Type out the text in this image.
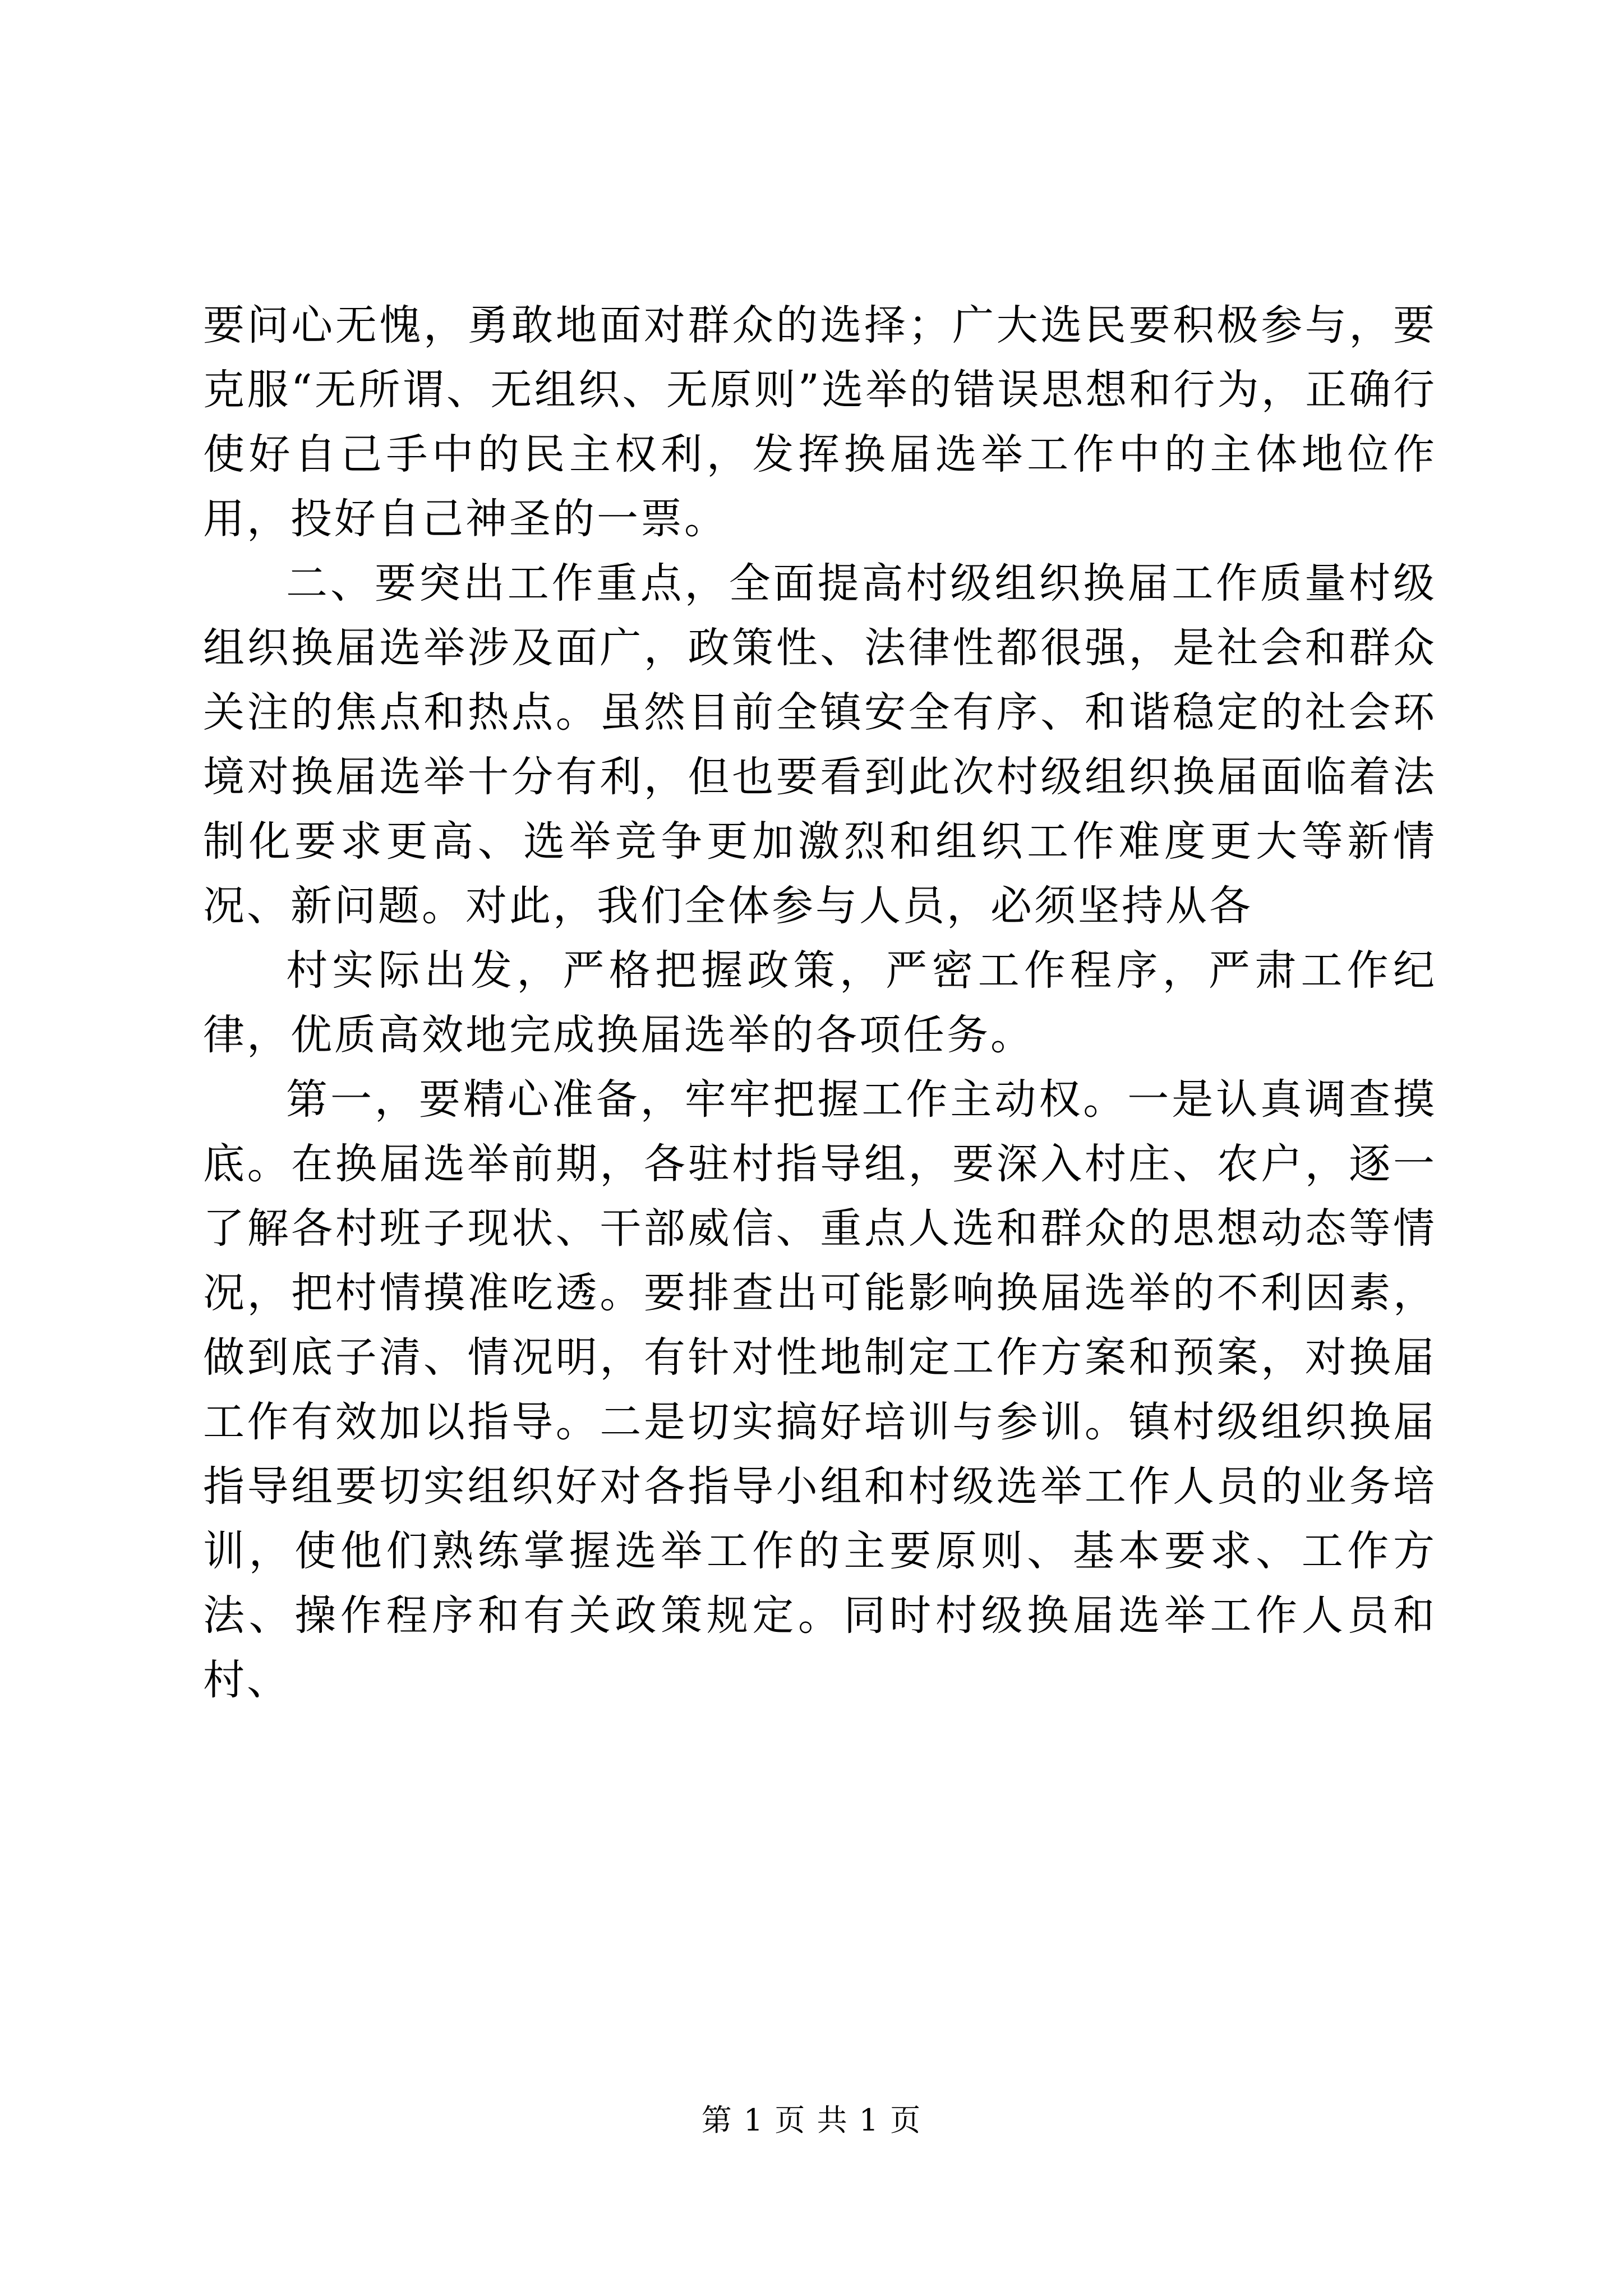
要问心无愧，勇敢地面对群众的选择；广大选民要积极参与，要克服“无所谓、无组织、无原则”选举的错误思想和行为，正确行使好自己手中的民主权利，发挥换届选举工作中的主体地位作用，投好自己神圣的一票。

二、要突出工作重点，全面提高村级组织换届工作质量村级组织换届选举涉及面广，政策性、法律性都很强，是社会和群众关注的焦点和热点。虽然目前全镇安全有序、和谐稳定的社会环境对换届选举十分有利，但也要看到此次村级组织换届面临着法制化要求更高、选举竞争更加激烈和组织工作难度更大等新情况、新问题。对此，我们全体参与人员，必须坚持从各

村实际出发，严格把握政策，严密工作程序，严肃工作纪律，优质高效地完成换届选举的各项任务。

第一，要精心准备，牢牢把握工作主动权。一是认真调查摸底。在换届选举前期，各驻村指导组，要深入村庄、农户，逐一了解各村班子现状、干部威信、重点人选和群众的思想动态等情况，把村情摸准吃透。要排查出可能影响换届选举的不利因素，做到底子清、情况明，有针对性地制定工作方案和预案，对换届工作有效加以指导。二是切实搞好培训与参训。镇村级组织换届指导组要切实组织好对各指导小组和村级选举工作人员的业务培训，使他们熟练掌握选举工作的主要原则、基本要求、工作方法、操作程序和有关政策规定。同时村级换届选举工作人员和村、

第 1 页 共 1 页
